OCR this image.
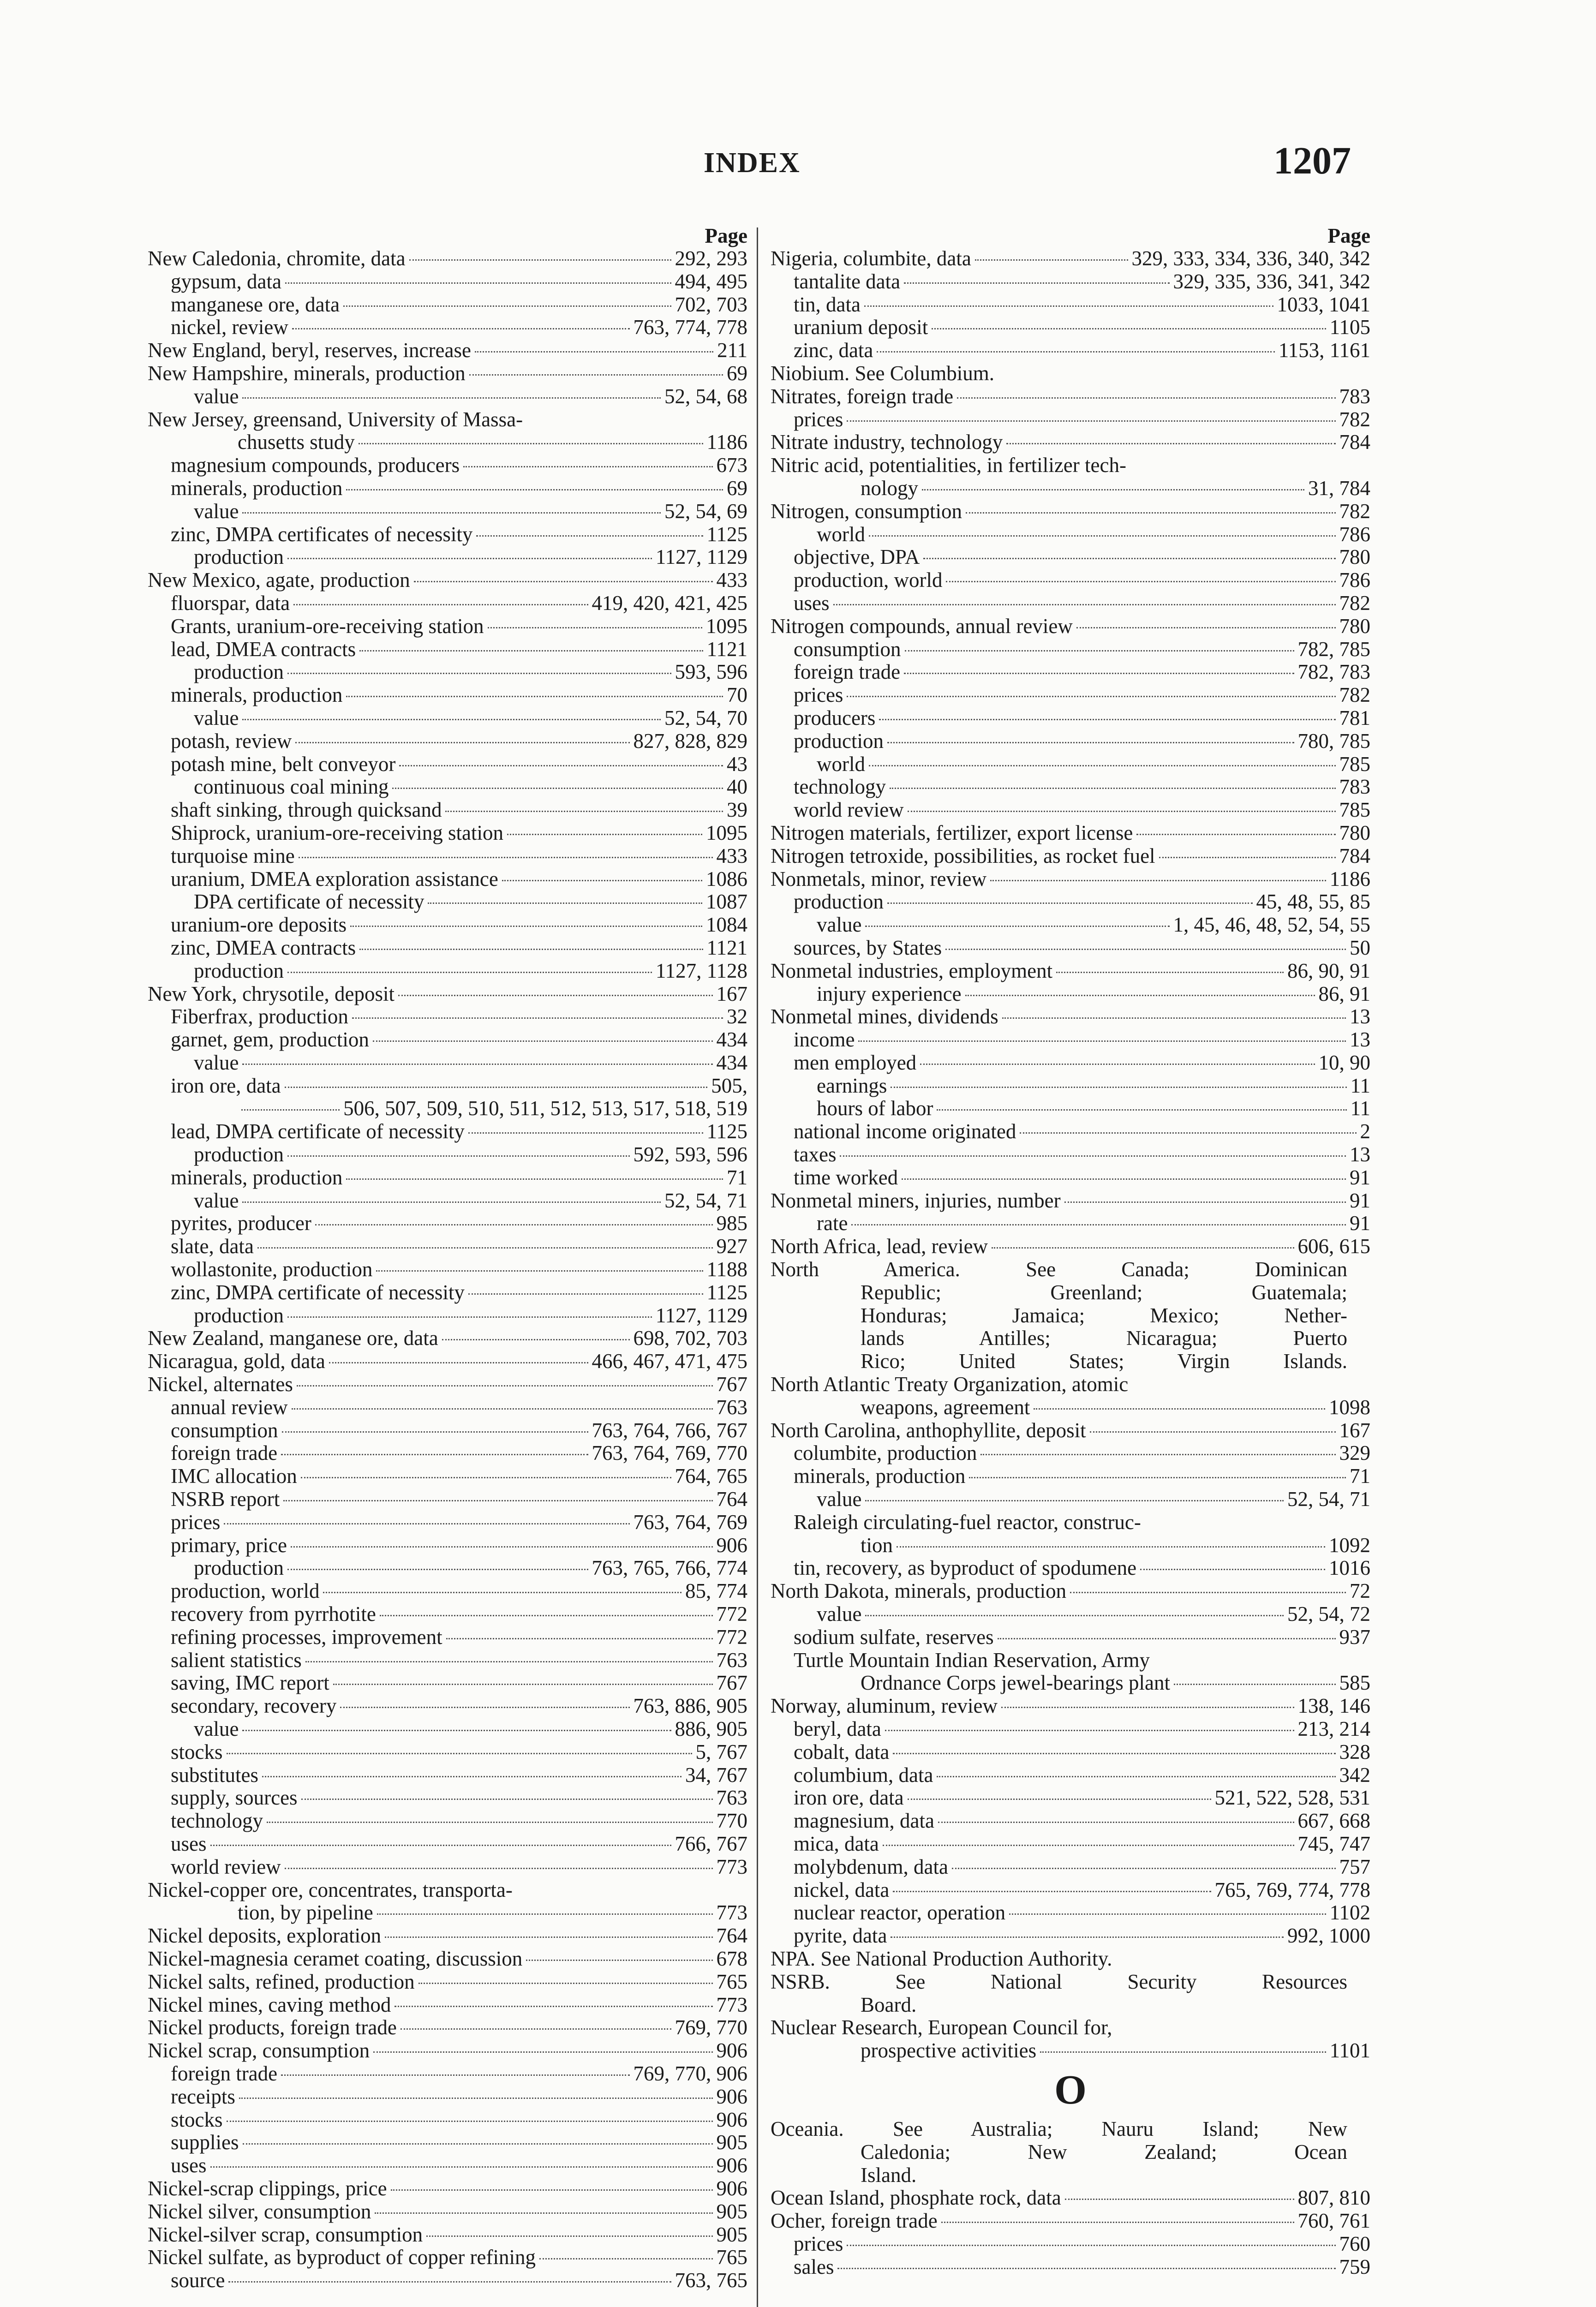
INDEX	1207
Page
New Caledonia, chromite, data	292, 293
gypsum, data	494, 495
manganese ore, data	702, 703
nickel, review	763, 774, 778
New England, beryl, reserves, increase	211
New Hampshire, minerals, production	69
value	52, 54, 68
New Jersey, greensand, University of Massa-
chusetts study	1186
magnesium compounds, producers	673
minerals, production	69
value	52, 54, 69
zinc, DMPA certificates of necessity	1125
production	1127, 1129
New Mexico, agate, production	433
fluorspar, data	419, 420, 421, 425
Grants, uranium-ore-receiving station	1095
lead, DMEA contracts	1121
production	593, 596
minerals, production	70
value	52, 54, 70
potash, review	827, 828, 829
potash mine, belt conveyor	43
continuous coal mining	40
shaft sinking, through quicksand	39
Shiprock, uranium-ore-receiving station	1095
turquoise mine	433
uranium, DMEA exploration assistance	1086
DPA certificate of necessity	1087
uranium-ore deposits	1084
zinc, DMEA contracts	1121
production	1127, 1128
New York, chrysotile, deposit	167
Fiberfrax, production	32
garnet, gem, production	434
value	434
iron ore, data	505,
506, 507, 509, 510, 511, 512, 513, 517, 518, 519
lead, DMPA certificate of necessity	1125
production	592, 593, 596
minerals, production	71
value	52, 54, 71
pyrites, producer	985
slate, data	927
wollastonite, production	1188
zinc, DMPA certificate of necessity	1125
production	1127, 1129
New Zealand, manganese ore, data	698, 702, 703
Nicaragua, gold, data	466, 467, 471, 475
Nickel, alternates	767
annual review	763
consumption	763, 764, 766, 767
foreign trade	763, 764, 769, 770
IMC allocation	764, 765
NSRB report	764
prices	763, 764, 769
primary, price	906
production	763, 765, 766, 774
production, world	85, 774
recovery from pyrrhotite	772
refining processes, improvement	772
salient statistics	763
saving, IMC report	767
secondary, recovery	763, 886, 905
value	886, 905
stocks	5, 767
substitutes	34, 767
supply, sources	763
technology	770
uses	766, 767
world review	773
Nickel-copper ore, concentrates, transporta-
tion, by pipeline	773
Nickel deposits, exploration	764
Nickel-magnesia ceramet coating, discussion	678
Nickel salts, refined, production	765
Nickel mines, caving method	773
Nickel products, foreign trade	769, 770
Nickel scrap, consumption	906
foreign trade	769, 770, 906
receipts	906
stocks	906
supplies	905
uses	906
Nickel-scrap clippings, price	906
Nickel silver, consumption	905
Nickel-silver scrap, consumption	905
Nickel sulfate, as byproduct of copper refining	765
source	763, 765
Page
Nigeria, columbite, data	329, 333, 334, 336, 340, 342
tantalite data	329, 335, 336, 341, 342
tin, data	1033, 1041
uranium deposit	1105
zinc, data	1153, 1161
Niobium. See Columbium.
Nitrates, foreign trade	783
prices	782
Nitrate industry, technology	784
Nitric acid, potentialities, in fertilizer tech-
nology	31, 784
Nitrogen, consumption	782
world	786
objective, DPA	780
production, world	786
uses	782
Nitrogen compounds, annual review	780
consumption	782, 785
foreign trade	782, 783
prices	782
producers	781
production	780, 785
world	785
technology	783
world review	785
Nitrogen materials, fertilizer, export license	780
Nitrogen tetroxide, possibilities, as rocket fuel	784
Nonmetals, minor, review	1186
production	45, 48, 55, 85
value	1, 45, 46, 48, 52, 54, 55
sources, by States	50
Nonmetal industries, employment	86, 90, 91
injury experience	86, 91
Nonmetal mines, dividends	13
income	13
men employed	10, 90
earnings	11
hours of labor	11
national income originated	2
taxes	13
time worked	91
Nonmetal miners, injuries, number	91
rate	91
North Africa, lead, review	606, 615
North America. See Canada; Dominican
Republic; Greenland; Guatemala;
Honduras; Jamaica; Mexico; Nether-
lands Antilles; Nicaragua; Puerto
Rico; United States; Virgin Islands.
North Atlantic Treaty Organization, atomic
weapons, agreement	1098
North Carolina, anthophyllite, deposit	167
columbite, production	329
minerals, production	71
value	52, 54, 71
Raleigh circulating-fuel reactor, construc-
tion	1092
tin, recovery, as byproduct of spodumene	1016
North Dakota, minerals, production	72
value	52, 54, 72
sodium sulfate, reserves	937
Turtle Mountain Indian Reservation, Army
Ordnance Corps jewel-bearings plant	585
Norway, aluminum, review	138, 146
beryl, data	213, 214
cobalt, data	328
columbium, data	342
iron ore, data	521, 522, 528, 531
magnesium, data	667, 668
mica, data	745, 747
molybdenum, data	757
nickel, data	765, 769, 774, 778
nuclear reactor, operation	1102
pyrite, data	992, 1000
NPA. See National Production Authority.
NSRB. See National Security Resources
Board.
Nuclear Research, European Council for,
prospective activities	1101
O
Oceania. See Australia; Nauru Island; New
Caledonia; New Zealand; Ocean
Island.
Ocean Island, phosphate rock, data	807, 810
Ocher, foreign trade	760, 761
prices	760
sales	759
